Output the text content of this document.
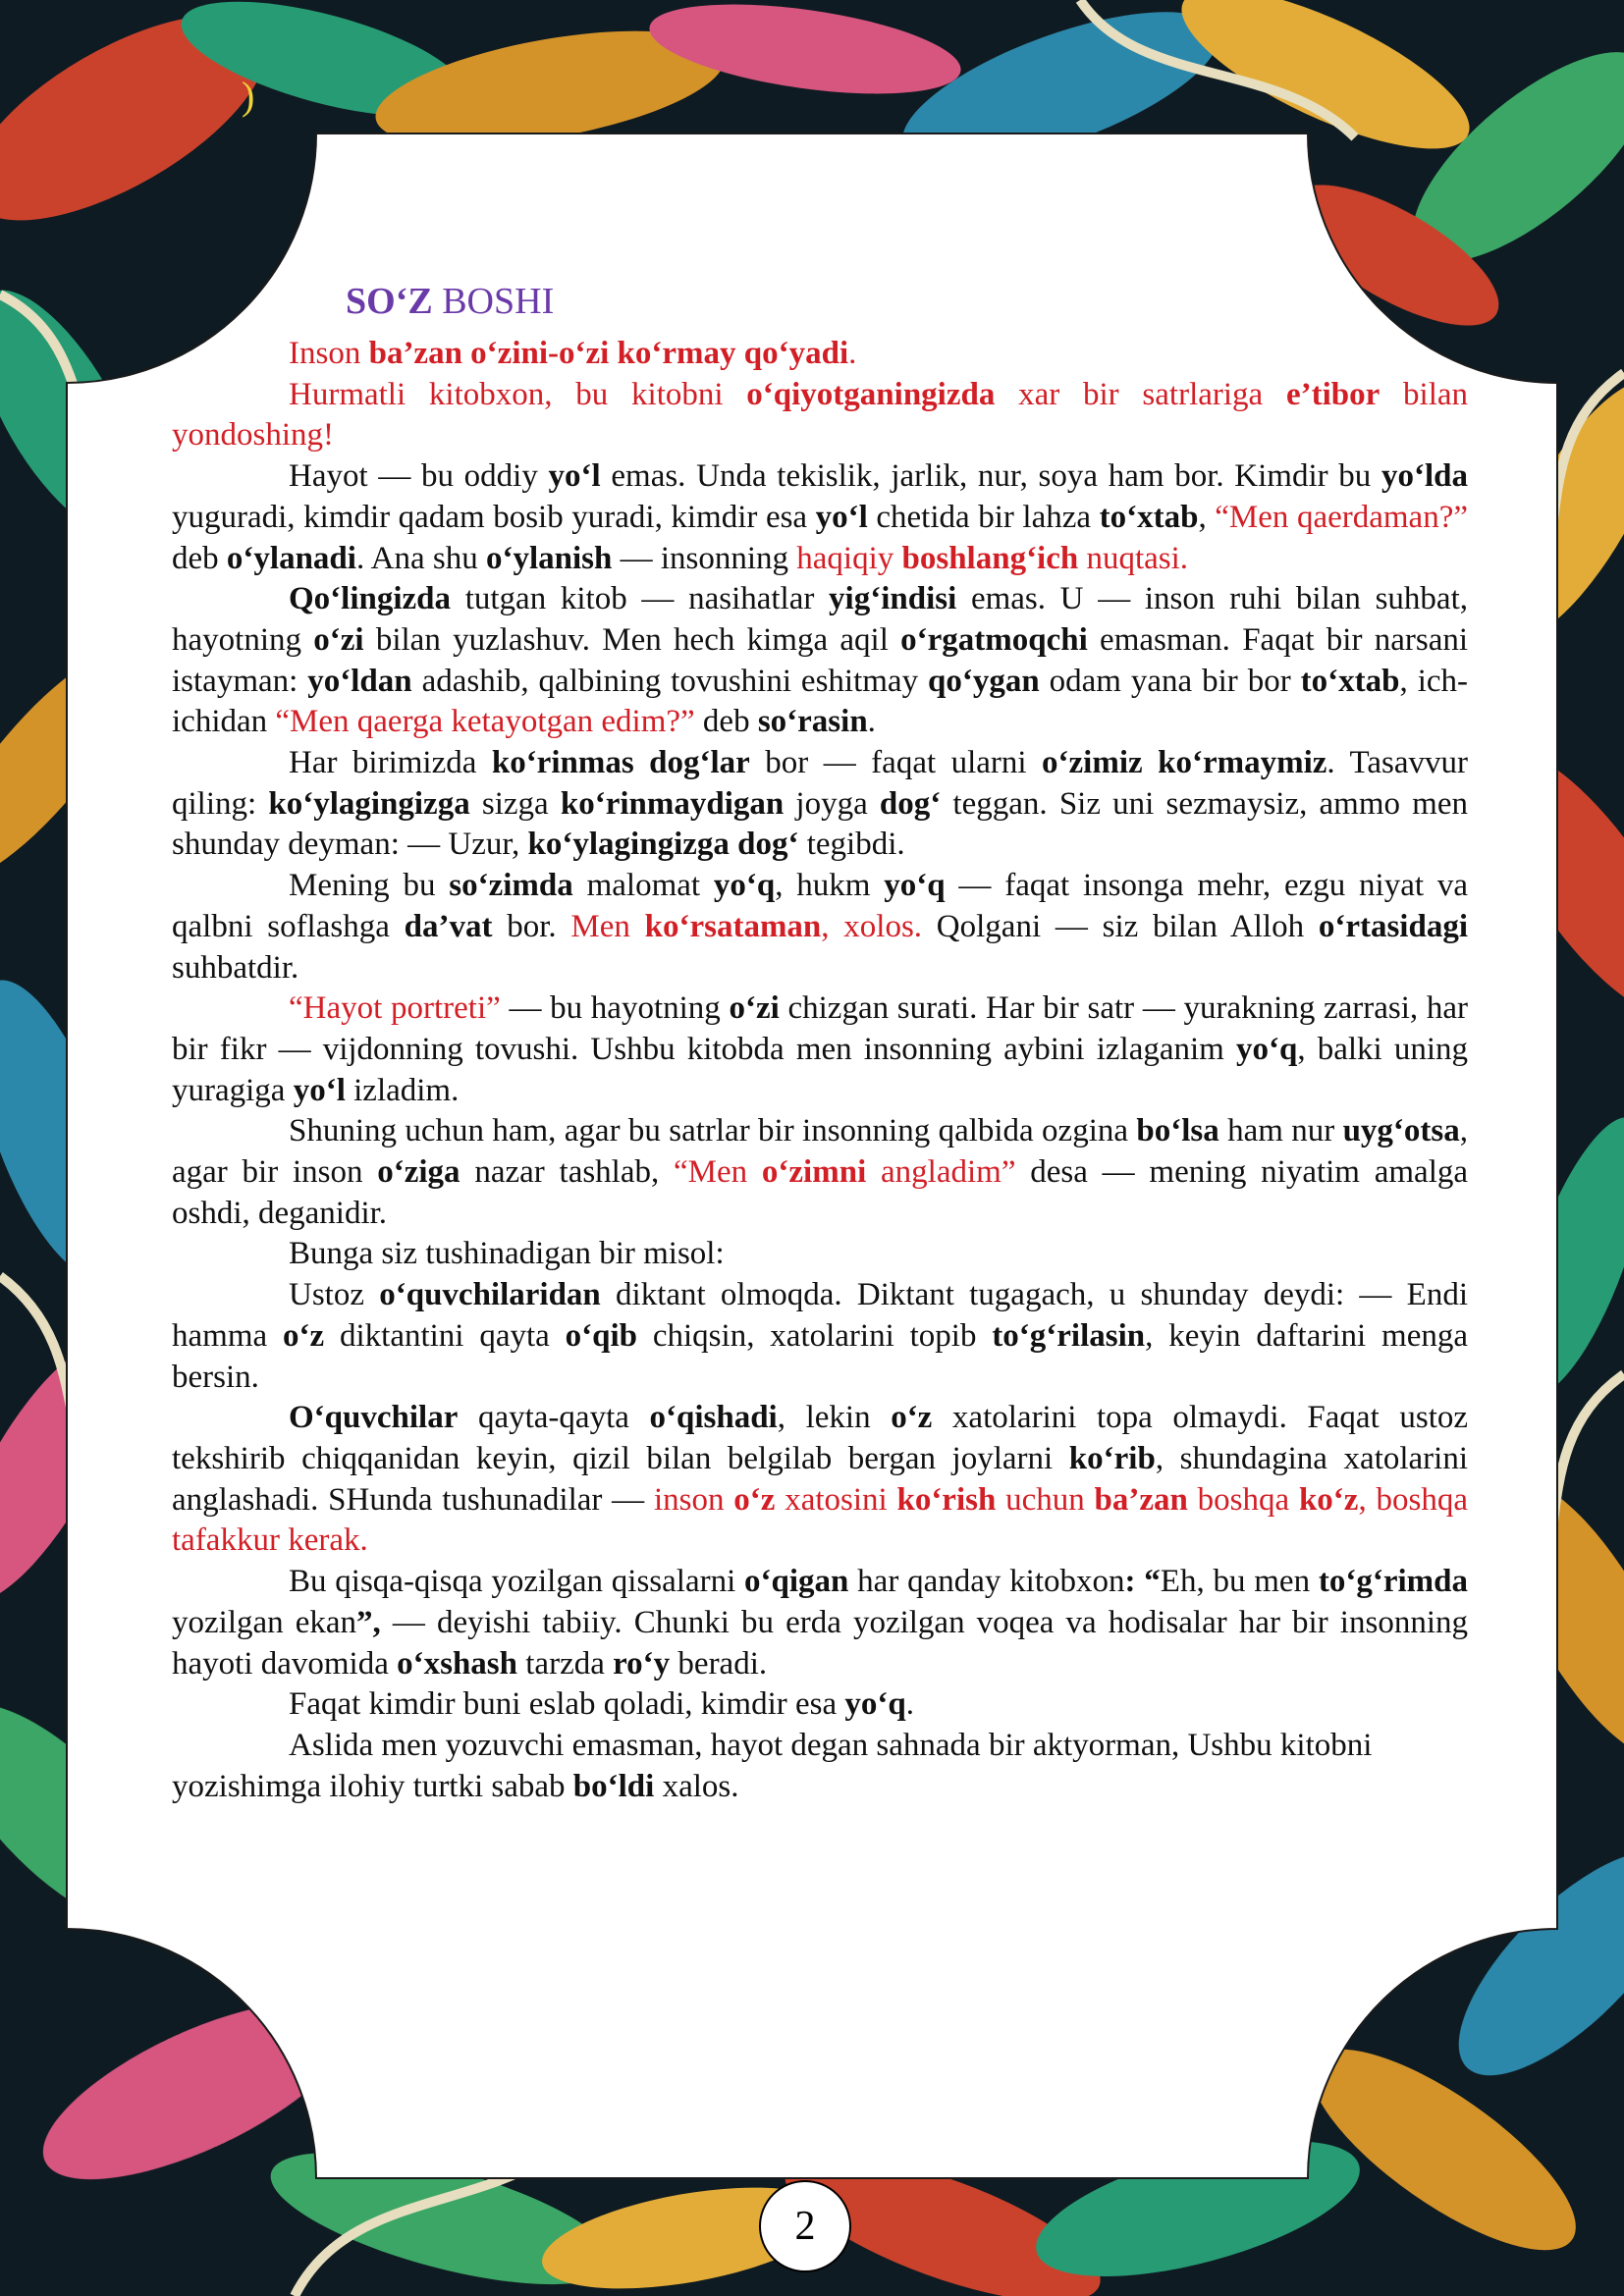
)
SO‘Z BOSHI

Inson ba’zan o‘zini-o‘zi ko‘rmay qo‘yadi.

Hurmatli kitobxon, bu kitobni o‘qiyotganingizda xar bir satrlariga e’tibor bilan yondoshing!

Hayot — bu oddiy yo‘l emas. Unda tekislik, jarlik, nur, soya ham bor. Kimdir bu yo‘lda yuguradi, kimdir qadam bosib yuradi, kimdir esa yo‘l chetida bir lahza to‘xtab, “Men qaerdaman?” deb o‘ylanadi. Ana shu o‘ylanish — insonning haqiqiy boshlang‘ich nuqtasi.

Qo‘lingizda tutgan kitob — nasihatlar yig‘indisi emas. U — inson ruhi bilan suhbat, hayotning o‘zi bilan yuzlashuv. Men hech kimga aqil o‘rgatmoqchi emasman. Faqat bir narsani istayman: yo‘ldan adashib, qalbining tovushini eshitmay qo‘ygan odam yana bir bor to‘xtab, ich-ichidan “Men qaerga ketayotgan edim?” deb so‘rasin.

Har birimizda ko‘rinmas dog‘lar bor — faqat ularni o‘zimiz ko‘rmaymiz. Tasavvur qiling: ko‘ylagingizga sizga ko‘rinmaydigan joyga dog‘ teggan. Siz uni sezmaysiz, ammo men shunday deyman: — Uzur, ko‘ylagingizga dog‘ tegibdi.

Mening bu so‘zimda malomat yo‘q, hukm yo‘q — faqat insonga mehr, ezgu niyat va qalbni soflashga da’vat bor. Men ko‘rsataman, xolos. Qolgani — siz bilan Alloh o‘rtasidagi suhbatdir.

“Hayot portreti” — bu hayotning o‘zi chizgan surati. Har bir satr — yurakning zarrasi, har bir fikr — vijdonning tovushi. Ushbu kitobda men insonning aybini izlaganim yo‘q, balki uning yuragiga yo‘l izladim.

Shuning uchun ham, agar bu satrlar bir insonning qalbida ozgina bo‘lsa ham nur uyg‘otsa, agar bir inson o‘ziga nazar tashlab, “Men o‘zimni angladim” desa — mening niyatim amalga oshdi, deganidir.

Bunga siz tushinadigan bir misol:

Ustoz o‘quvchilaridan diktant olmoqda. Diktant tugagach, u shunday deydi: — Endi hamma o‘z diktantini qayta o‘qib chiqsin, xatolarini topib to‘g‘rilasin, keyin daftarini menga bersin.

O‘quvchilar qayta-qayta o‘qishadi, lekin o‘z xatolarini topa olmaydi. Faqat ustoz tekshirib chiqqanidan keyin, qizil bilan belgilab bergan joylarni ko‘rib, shundagina xatolarini anglashadi. SHunda tushunadilar — inson o‘z xatosini ko‘rish uchun ba’zan boshqa ko‘z, boshqa tafakkur kerak.

Bu qisqa-qisqa yozilgan qissalarni o‘qigan har qanday kitobxon: “Eh, bu men to‘g‘rimda yozilgan ekan”, — deyishi tabiiy. Chunki bu erda yozilgan voqea va hodisalar har bir insonning hayoti davomida o‘xshash tarzda ro‘y beradi.

Faqat kimdir buni eslab qoladi, kimdir esa yo‘q.

Aslida men yozuvchi emasman, hayot degan sahnada bir aktyorman, Ushbu kitobni yozishimga ilohiy turtki sabab bo‘ldi xalos.

2
